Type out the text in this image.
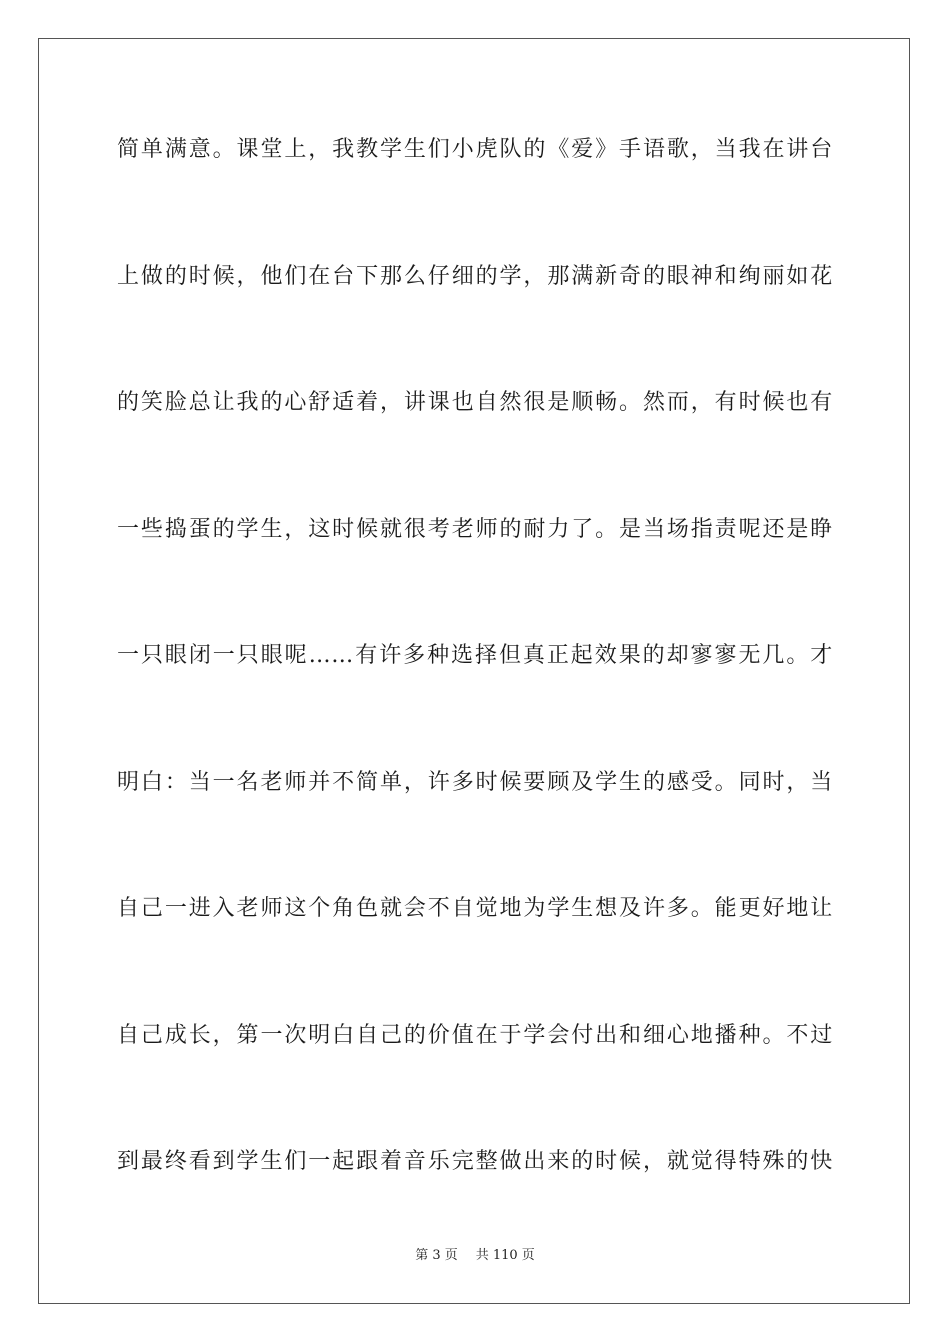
简单满意。课堂上，我教学生们小虎队的《爱》手语歌，当我在讲台
上做的时候，他们在台下那么仔细的学，那满新奇的眼神和绚丽如花
的笑脸总让我的心舒适着，讲课也自然很是顺畅。然而，有时候也有
一些捣蛋的学生，这时候就很考老师的耐力了。是当场指责呢还是睁
一只眼闭一只眼呢……有许多种选择但真正起效果的却寥寥无几。才
明白：当一名老师并不简单，许多时候要顾及学生的感受。同时，当
自己一进入老师这个角色就会不自觉地为学生想及许多。能更好地让
自己成长，第一次明白自己的价值在于学会付出和细心地播种。不过
到最终看到学生们一起跟着音乐完整做出来的时候，就觉得特殊的快
第 3 页 共 110 页
